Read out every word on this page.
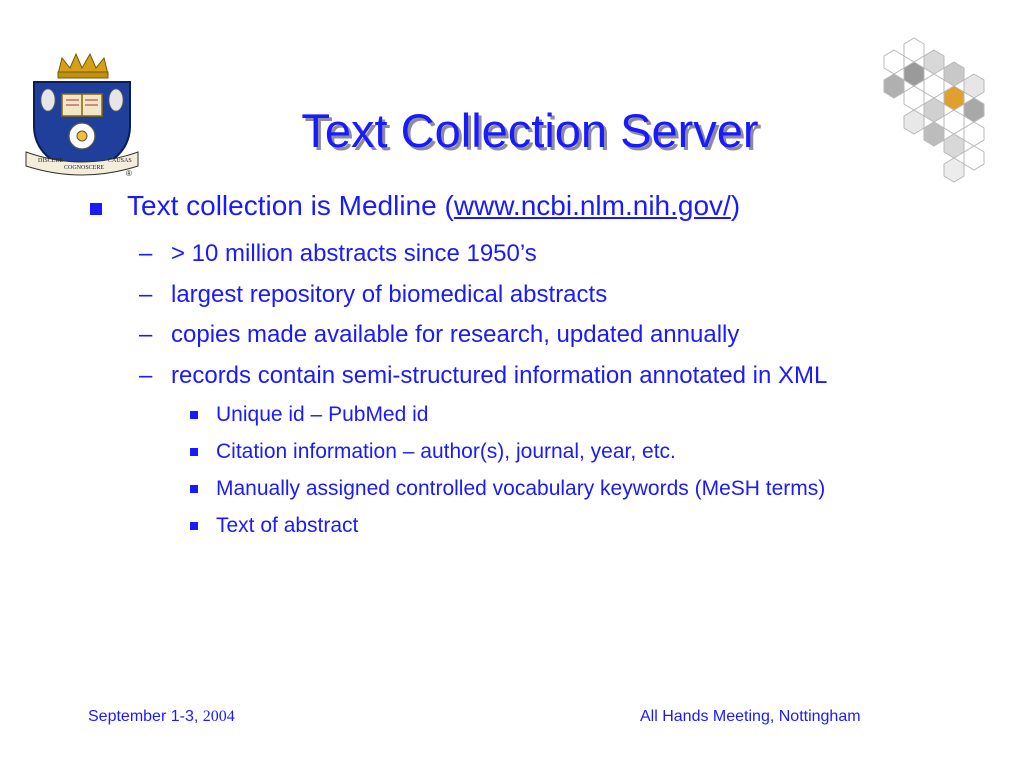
DISCERE
COGNOSCERE
CAUSAS
®
Text Collection Server
Text collection is Medline (www.ncbi.nlm.nih.gov/)
– > 10 million abstracts since 1950’s
– largest repository of biomedical abstracts
– copies made available for research, updated annually
– records contain semi-structured information annotated in XML
Unique id – PubMed id
Citation information – author(s), journal, year, etc.
Manually assigned controlled vocabulary keywords (MeSH terms)
Text of abstract
September 1-3, 2004	All Hands Meeting, Nottingham
